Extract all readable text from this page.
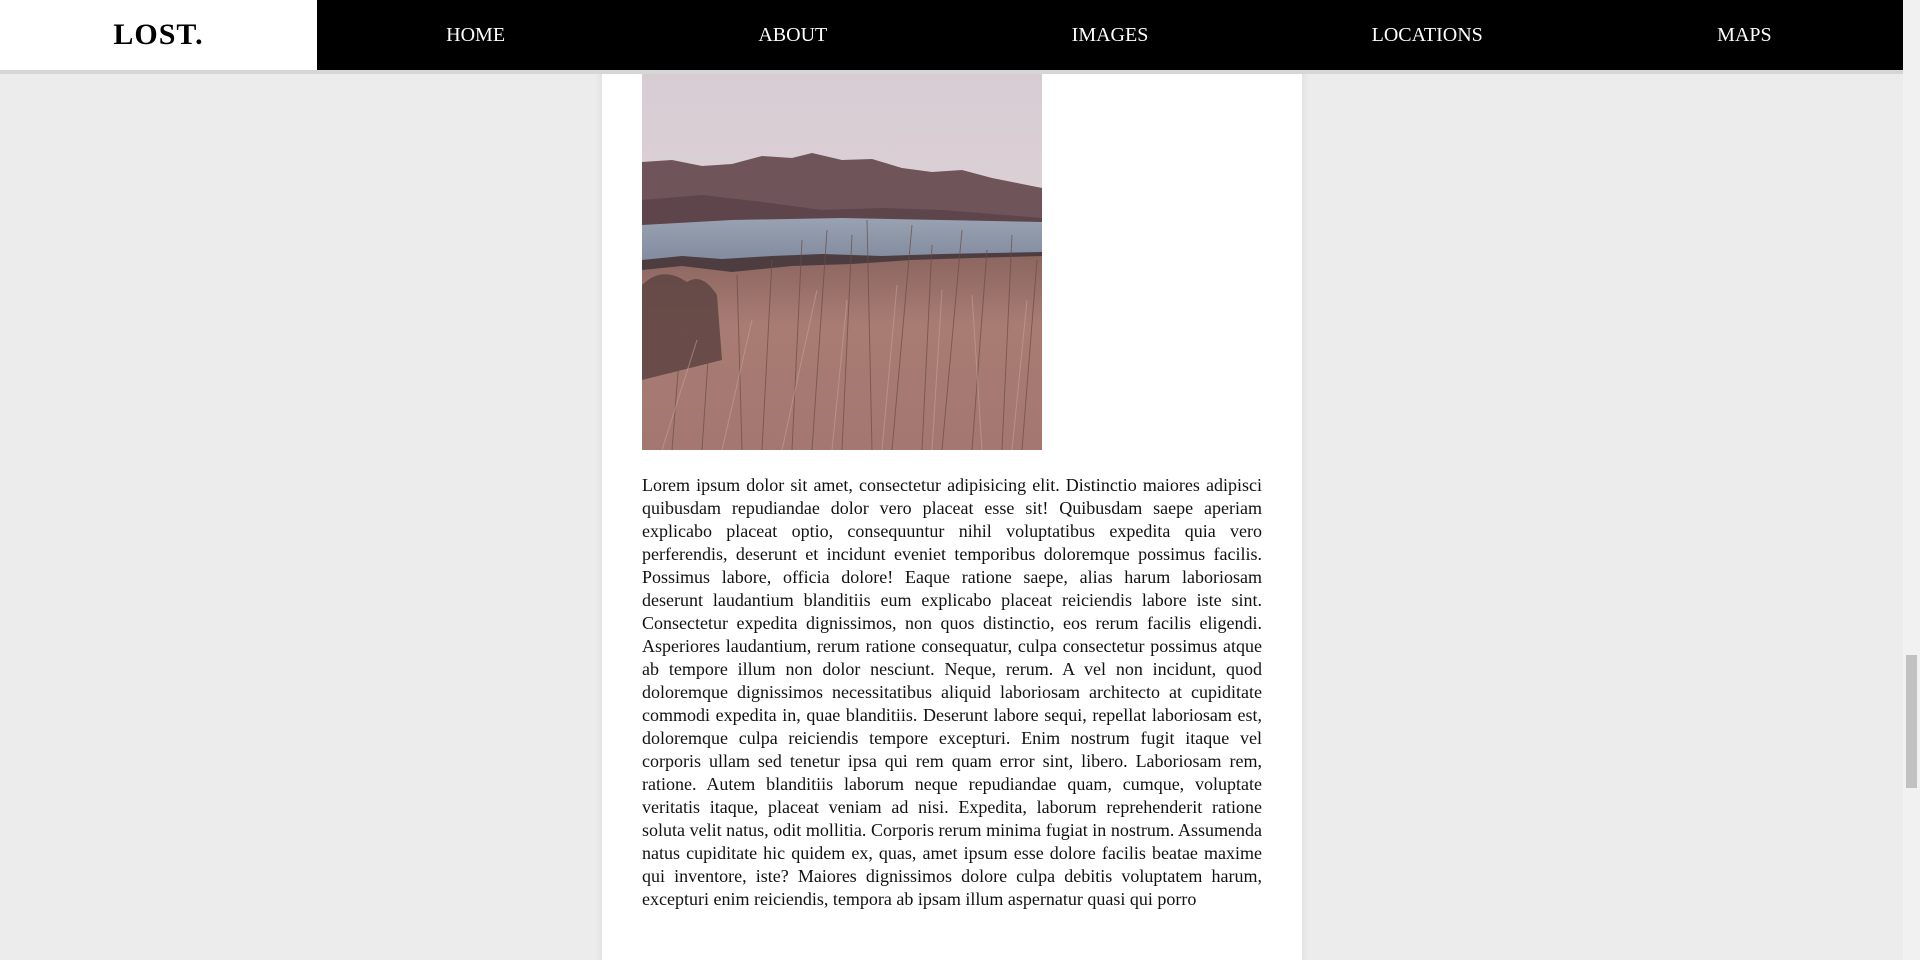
LOST.	HOME	ABOUT	IMAGES	LOCATIONS	MAPS

Lorem ipsum dolor sit amet, consectetur adipisicing elit. Distinctio maiores adipisci quibusdam repudiandae dolor vero placeat esse sit! Quibusdam saepe aperiam explicabo placeat optio, consequuntur nihil voluptatibus expedita quia vero perferendis, deserunt et incidunt eveniet temporibus doloremque possimus facilis. Possimus labore, officia dolore! Eaque ratione saepe, alias harum laboriosam deserunt laudantium blanditiis eum explicabo placeat reiciendis labore iste sint. Consectetur expedita dignissimos, non quos distinctio, eos rerum facilis eligendi. Asperiores laudantium, rerum ratione consequatur, culpa consectetur possimus atque ab tempore illum non dolor nesciunt. Neque, rerum. A vel non incidunt, quod doloremque dignissimos necessitatibus aliquid laboriosam architecto at cupiditate commodi expedita in, quae blanditiis. Deserunt labore sequi, repellat laboriosam est, doloremque culpa reiciendis tempore excepturi. Enim nostrum fugit itaque vel corporis ullam sed tenetur ipsa qui rem quam error sint, libero. Laboriosam rem, ratione. Autem blanditiis laborum neque repudiandae quam, cumque, voluptate veritatis itaque, placeat veniam ad nisi. Expedita, laborum reprehenderit ratione soluta velit natus, odit mollitia. Corporis rerum minima fugiat in nostrum. Assumenda natus cupiditate hic quidem ex, quas, amet ipsum esse dolore facilis beatae maxime qui inventore, iste? Maiores dignissimos dolore culpa debitis voluptatem harum, excepturi enim reiciendis, tempora ab ipsam illum aspernatur quasi qui porro
